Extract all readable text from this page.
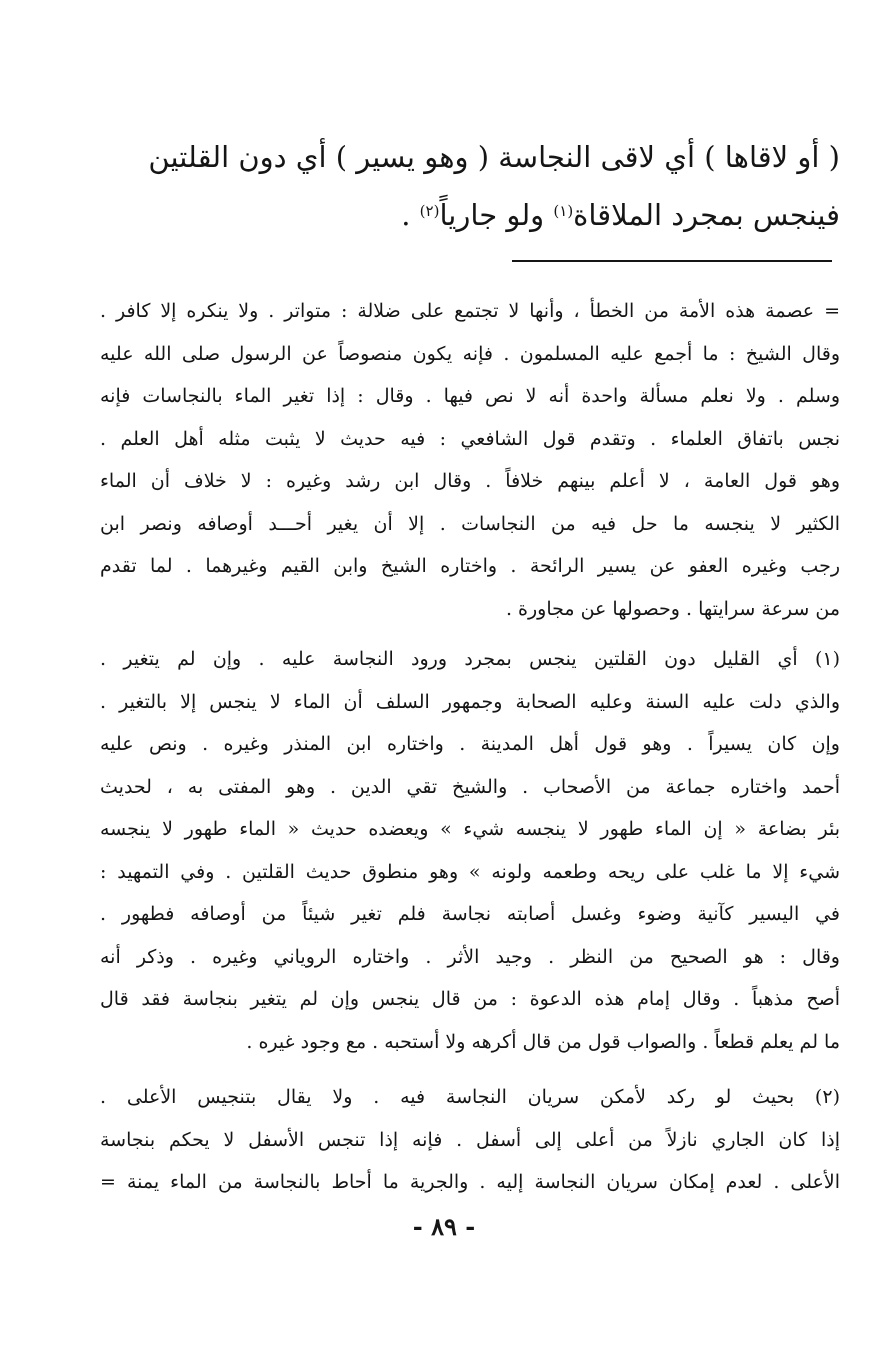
( أو لاقاها ) أي لاقى النجاسة ( وهو يسير ) أي دون القلتين
فينجس بمجرد الملاقاة$^{(١)}$ ولو جارياً$^{(٢)}$ .

= عصمة هذه الأمة من الخطأ ، وأنها لا تجتمع على ضلالة : متواتر . ولا ينكره إلا كافر .
وقال الشيخ : ما أجمع عليه المسلمون . فإنه يكون منصوصاً عن الرسول صلى الله عليه
وسلم . ولا نعلم مسألة واحدة أنه لا نص فيها . وقال : إذا تغير الماء بالنجاسات فإنه
نجس باتفاق العلماء . وتقدم قول الشافعي : فيه حديث لا يثبت مثله أهل العلم .
وهو قول العامة ، لا أعلم بينهم خلافاً . وقال ابن رشد وغيره : لا خلاف أن الماء
الكثير لا ينجسه ما حل فيه من النجاسات . إلا أن يغير أحـــد أوصافه ونصر ابن
رجب وغيره العفو عن يسير الرائحة . واختاره الشيخ وابن القيم وغيرهما . لما تقدم
من سرعة سرايتها . وحصولها عن مجاورة .

(١) أي القليل دون القلتين ينجس بمجرد ورود النجاسة عليه . وإن لم يتغير .
والذي دلت عليه السنة وعليه الصحابة وجمهور السلف أن الماء لا ينجس إلا بالتغير .
وإن كان يسيراً . وهو قول أهل المدينة . واختاره ابن المنذر وغيره . ونص عليه
أحمد واختاره جماعة من الأصحاب . والشيخ تقي الدين . وهو المفتى به ، لحديث
بئر بضاعة « إن الماء طهور لا ينجسه شيء » ويعضده حديث « الماء طهور لا ينجسه
شيء إلا ما غلب على ريحه وطعمه ولونه » وهو منطوق حديث القلتين . وفي التمهيد :
في اليسير كآنية وضوء وغسل أصابته نجاسة فلم تغير شيئاً من أوصافه فطهور .
وقال : هو الصحيح من النظر . وجيد الأثر . واختاره الروياني وغيره . وذكر أنه
أصح مذهباً . وقال إمام هذه الدعوة : من قال ينجس وإن لم يتغير بنجاسة فقد قال
ما لم يعلم قطعاً . والصواب قول من قال أكرهه ولا أستحبه . مع وجود غيره .

(٢) بحيث لو ركد لأمكن سريان النجاسة فيه . ولا يقال بتنجيس الأعلى .
إذا كان الجاري نازلاً من أعلى إلى أسفل . فإنه إذا تنجس الأسفل لا يحكم بنجاسة
الأعلى . لعدم إمكان سريان النجاسة إليه . والجرية ما أحاط بالنجاسة من الماء يمنة =

- ٨٩ -
